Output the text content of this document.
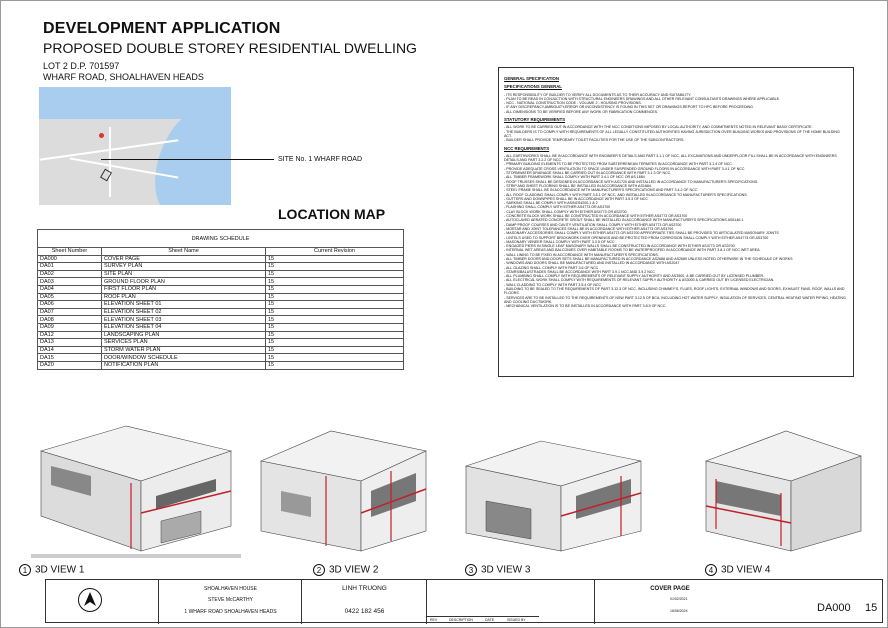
DEVELOPMENT APPLICATION
PROPOSED DOUBLE STOREY RESIDENTIAL DWELLING
LOT 2 D.P. 701597
WHARF ROAD, SHOALHAVEN HEADS
SITE No. 1 WHARF ROAD
LOCATION MAP
DRAWING SCHEDULE		
Sheet Number	Sheet Name	Current Revision
DA000	COVER PAGE	15
DA01	SURVEY PLAN	15
DA02	SITE PLAN	15
DA03	GROUND FLOOR PLAN	15
DA04	FIRST FLOOR PLAN	15
DA05	ROOF PLAN	15
DA06	ELEVATION SHEET 01	15
DA07	ELEVATION SHEET 02	15
DA08	ELEVATION SHEET 03	15
DA09	ELEVATION SHEET 04	15
DA12	LANDSCAPING PLAN	15
DA13	SERVICES PLAN	15
DA14	STORM WATER PLAN	15
DA15	DOOR/WINDOW SCHEDULE	15
DA20	NOTIFICATION PLAN	15
GENERAL SPECIFICATION
SPECIFICATIONS GENERAL

- ITS RESPONSIBILITY OF BUILDER TO VERIFY ALL DOCUMENTS AS TO THEIR ACCURACY AND SUITABILITY.

- PLAN TO BE READ IN CONJUCTION WITH STRUCTURAL ENGINEERS DRAWINGS AND ALL OTHER RELEVANT CONSULTANTS DRAWINGS WHERE APPLICABLE.

- NCC - NATIONAL CONSTRUCTION CODE - VOLUME 2 - HOUSING PROVISIONS.

- IF ANY DISCREPANCY,AMBIGUITY,ERROR OR INCONSISTENCY IS FOUND IN THIS SET OR DRAWINGS,REPORT TO HPC BEFORE PROCEEDING.

- ALL DIMENSIONS TO BE VERIFIED BEFORE ANY WORK OR FABRICATION COMMENCES.

STATUTORY REQUIREMENTS

- ALL WORK TO BE CARRIED OUT IN ACCORDANCE WITH THE NCC CONDITIONS IMPOSED BY LOCAL AUTHORITY, AND COMMITMENTS NOTED IN RELEVANT BASIX CERTIFICATE.

- THE BUILDERS IS TO COMPLY WITH REQUIREMENTS OF ALL LEGALLY CONSTITUTED AUTHORITIES HAVING JURISDICTION OVER BUILDING WORKS AND PROVISIONS OF THE HOME BUILDING ACT.

- BUILDER SHALL PROVIDE TEMPORARY TOILET FACILITIES FOR THE USE OF THE SUBCONTRACTORS.

NCC REQUIREMENTS

- ALL EARTHWORKS SHALL BE IN ACCORDANCE WITH ENGINEER'S DETAILS AND PART 3.1.1 OF NCC. ALL EXCAVATIONS AND UNDERFLOOR FILL SHALL BE IN ACCORDANCE WITH ENGINEERS DETAILS AND PART 3.2.2 OF NCC.

- PRIMARY BUILDING ELEMENTS TO BE PROTECTED FROM SUBTERRENEAN TERMITES IN ACCORDANCE WITH PART 3.1.4 OF NCC.

- PROVIDE ADEQUATE CROSS VENTILATION TO SPACE UNDER SUSPENDED GROUND FLOORS IN ACCORDANCE WITH PART 3.4.1 OF NCC

- STORMWATER DRAINAGE SHALL BE CARRIED OUT IN ACCORDANCE WITH PART 3.1.3 OF NCC.

- ALL TIMBER FRAMEWORK SHALL COMPLY WITH PART 3.4.1 OF NCC OR AS 1684

- ROOF TRUSSES SHALL BE DESIGNED IN ACCORDANCE WITH AS1720 AND INSTALLED IN ACCORDANCE TO MANUFACTURER'S SPECIFICATIONS.

- STRIP AND SHEET FLOORING SHALL BE INSTALLED IN ACCORDANCE WITH AS1684

- STEEL FRAME SHALL BE IN ACCORDANCE WITH MANUFACTURER'S SPECIFICATIONS AND PART 3.4.2 OF NCC

- ALL ROOF CLADDING SHALL COMPLY WITH PART 3.5.1 OF NCC, AND INSTALLED IN ACCORDANCE TO MANUFACTURER'S SPECIFICATIONS.

- GUTTERS AND DOWNPIPES SHALL BE IN ACCORDANCE WITH PART 3.5.3 OF NCC

- SARKING SHALL BE COMPLY WITH AS/NZS4200.1 & 2

- FLASHING SHALL COMPLY WITH EITHER AS4773 OR AS3700

- CLAY BLOCK WORK SHALL COMPLY WITH EITHER AS4773 OR AS3700

- CONCRETE BLOCK WORK SHALL BE CONSTRUCTED IN ACCORDANCE WITH EITHER AS4773 OR AS3700

- AUTOCLAVED AERATED CONCRETE GROUT SHALL BE INSTALLED IN ACCORDANCE WITH MANUFACTURER'S SPECIFICATIONS AS5146.1

- DAMP PROOF COURSES AND CAVITY VENTILATION SHALL COMPLY WITH EITHER AS4773 OR AS3700

- MORTAR AND JOINT TOLERANCES SHALL BE IN ACCORDANCE WITH EITHER AS4773 OR AS3700

- MASONARY ACCESSORIES SHALL COMPLY WITH EITHER AS4773 OR AS3700 APPROPRIATE TIES SHALL BE PROVIDED TO ARTICULATED MASONARY JOINTS

- LINTELS USED TO SUPPORT BRICKWORK OVER OPENINGS AND BE PROTECTED FROM CORROSION SHALL COMPLY WITH EITHER AS4773 OR AS3700

- MASONARY VENEER SHALL COMPLY WITH PART 3.3.5 OF NCC

- ENGAGED PIERS IN SINGLE LEAF MASONARY WALLS SHALL BE CONSTRUCTED IN ACCORDANCE WITH EITHER AS4773 OR AS3700

- INTERNAL WET AREAS AND BALCONIES OVER HABITABLE ROOMS TO BE WATERPROOFED IN ACCORDANCE WITH PART 3.8.1 OF NCC WET AREA.

- WALL LINING TO BE FIXED IN ACCORDANCE WITH MANUFACTURER'S SPECIFICATIONS.

- ALL TIMBER DOORS AND DOOR SETS SHALL BE MANUFACTURED IN ACCORDANCE AS2688 AND AS2689 UNLESS NOTED OTHERWISE IN THE SCHEDULE OF WORKS

- WINDOWS AND DOORS SHALL BE MANUFACTURED AND INSTALLED IN ACCORDANCE WITH AS2047

- ALL GLAZING SHALL COMPLY WITH PART 3.6 OF NCC

- STAIRS/BALUSTRADES SHALL BE ACCORDANCE WITH PART 3.9.1 NCC AND 3.9.2 NCC

- ALL PLUMBING SHALL COMPLY WITH REQUIREMENTS OF RELEVANT SUPPLY AUTHORITY AND AS3500, & BE CARRIED OUT BY LICENSED PLUMBER.

- ALL ELECTRICAL WORK SHALL COMPLY WITH REQUIREMENTS OF RELEVANT SUPPLY AUTHORITY & AS3000 & CARRIED OUT BY LICENSED ELECTRICIAN.

- WALL CLADDING TO COMPLY WITH PART 3.5.4 OF NCC

- BUILDING TO BE SEALED TO THE REQUIREMENTS OF PART 3.12.3 OF NCC, INCLUDING CHIMNEY'S, FLUES, ROOF LIGHTS, EXTERNAL WINDOWS AND DOORS, EXHAUST FANS, ROOF, WALLS AND FLOORS.

- SERVICES ARE TO BE INSTALLED TO THE REQUIREMENTS OF NSW PART 3.12.5 OF BCA, INCLUDING HOT WATER SUPPLY, INSULATION OF SERVICES, CENTRAL HEATING WATER PIPING, HEATING AND COOLING DUCTWORK.

- MECHANICAL VENTILATION IS TO BE INSTALLED IN ACCORDANCE WITH PART 3.8.5 OF NCC.

1 3D VIEW 1	2 3D VIEW 2	3 3D VIEW 3	4 3D VIEW 4
SHOALHAVEN HOUSE
STEVE McCARTHY
1 WHARF ROAD SHOALHAVEN HEADS
LINH TRUONG
0422 182 456
REV	DESCRIPTION	DATE	ISSUED BY
COVER PAGE
01/02/2021
16/06/2024	DA000 15
